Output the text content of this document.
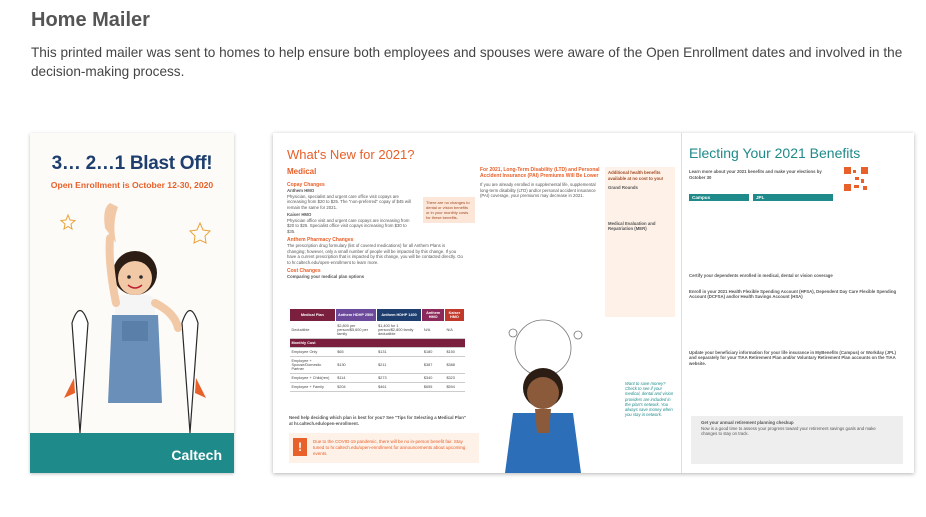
Home Mailer
This printed mailer was sent to homes to help ensure both employees and spouses were aware of the Open Enrollment dates and involved in the decision-making process.
3… 2…1 Blast Off!
Open Enrollment is October 12-30, 2020
Caltech
What's New for 2021?
Medical
Copay Changes
Anthem HMO
Physician, specialist and urgent care office visit copays are increasing from $20 to $25. The "non-preferred" copay of $45 will remain the same for 2021.
Kaiser HMO
Physician office visit and urgent care copays are increasing from $20 to $25. Specialist office visit copays increasing from $30 to $35.
Anthem Pharmacy Changes
The prescription drug formulary (list of covered medications) for all Anthem Plans is changing; however, only a small number of people will be impacted by this change. If you have a current prescription that is impacted by this change, you will be contacted directly. Go to hr.caltech.edu/open-enrollment to learn more.
Cost Changes
Comparing your medical plan options
There are no changes to dental or vision benefits or in your monthly costs for these benefits.
Medical Plan	Anthem HDHP 2500	Anthem HDHP 1400	Anthem HMO	Kaiser HMO
Deductible	$2,800 per person/$5,600 per family	$1,400 for 1 person/$2,800 family deductible	N/A	N/A
Monthly Cost				
Employee Only	$65	$131	$180	$150
Employee + Spouse/Domestic Partner	$130	$211	$387	$388
Employee + Child(ren)	$114	$273	$340	$323
Employee + Family	$204	$461	$655	$594
Need help deciding which plan is best for you? See "Tips for Selecting a Medical Plan" at hr.caltech.edu/open-enrollment.
!	Due to the COVID-19 pandemic, there will be no in-person benefit fair. Stay tuned to hr.caltech.edu/open-enrollment for announcements about upcoming events.
For 2021, Long-Term Disability (LTD) and Personal Accident Insurance (PAI) Premiums Will Be Lower
If you are already enrolled in supplemental life, supplemental long-term disability (LTD) and/or personal accident insurance (PAI) coverage, your premiums may decrease in 2021.
Additional health benefits available at no cost to you!
Grand Rounds
Medical Evaluation and Repatriation (MER)
Want to save money? Check to see if your medical, dental and vision providers are included in the plan's network. You always save money when you stay in network.
Electing Your 2021 Benefits
Learn more about your 2021 benefits and make your elections by October 30
Campus	JPL
Certify your dependents enrolled in medical, dental or vision coverage
Enroll in your 2021 Health Flexible Spending Account (HFSA), Dependent Day Care Flexible Spending Account (DCFSA) and/or Health Savings Account (HSA)
Update your beneficiary information for your life insurance in MyBenefits (Campus) or Workday (JPL) and separately for your TIAA Retirement Plan and/or Voluntary Retirement Plan accounts on the TIAA website.
Get your annual retirement planning checkup
Now is a good time to assess your progress toward your retirement savings goals and make changes to stay on track.
